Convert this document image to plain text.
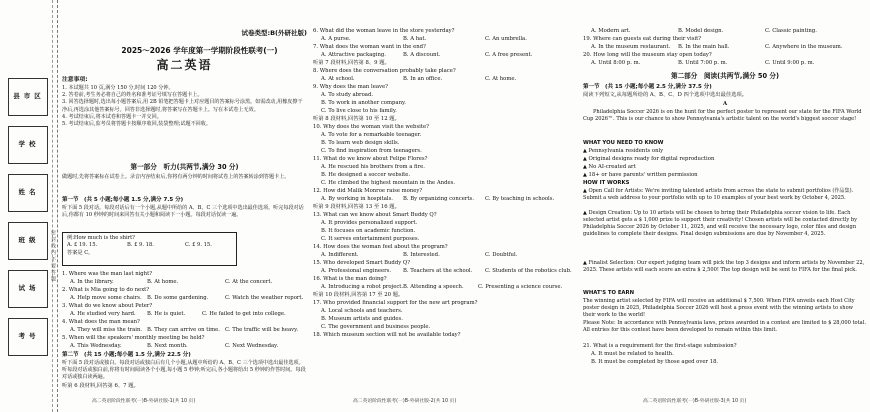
县市区
学校
姓名
班级
试场
考号
密 封 线 内 不 要 答 题
试卷类型:B(外研社版)
2025～2026 学年度第一学期阶段性联考(一)
高二英语
注意事项:
1. 本试题共 10 页,满分 150 分,时间 120 分钟。
2. 答卷前,考生务必将自己的姓名和准考证号填写在答题卡上。
3. 回答选择题时,选出每小题答案后,用 2B 铅笔把答题卡上对应题目的答案标号涂黑。如需改动,用橡皮擦干净后,再选涂其他答案标号。回答非选择题时,将答案写在答题卡上。写在本试卷上无效。
4. 考试结束后,将本试卷和答题卡一并交回。
5. 考试结束后,监考员将答题卡按顺序收回,装袋整理;试题不回收。
第一部分　听力(共两节,满分 30 分)
做题时,先将答案标在试卷上。录音内容结束后,你将有两分钟的时间将试卷上的答案转涂到答题卡上。
第一节　(共 5 小题;每小题 1.5 分,满分 7.5 分)
听下面 5 段对话。每段对话后有一个小题,从题中所给的 A、B、C 三个选项中选出最佳选项。听完每段对话后,你都有 10 秒钟的时间来回答有关小题和阅读下一小题。每段对话仅读一遍。
例:How much is the shirt?
A. £ 19. 15.	B. £ 9. 18.	C. £ 9. 15.
答案是 C。
1. Where was the man last night?
A. In the library.	B. At home.	C. At the concert.
2. What is Mia going to do next?
A. Help move some chairs. B. Do some gardening.	C. Watch the weather report.
3. What do we know about Peter?
A. He studied very hard. B. He is quiet.	C. He failed to get into college.
4. What does the man mean?
A. They will miss the train. B. They can arrive on time. C. The traffic will be heavy.
5. When will the speakers' monthly meeting be held?
A. This Wednesday.	B. Next month.	C. Next Wednesday.
第二节　(共 15 小题;每小题 1.5 分,满分 22.5 分)
听下面 5 段对话或独白。每段对话或独白后有几个小题,从题中所给的 A、B、C 三个选项中选出最佳选项。听每段对话或独白前,你将有时间阅读各个小题,每小题 5 秒钟;听完后,各小题将给出 5 秒钟的作答时间。每段对话或独白读两遍。
听第 6 段材料,回答第 6、7 题。
高二英语阶段性联考(一)B-外研社版-1(共 10 页)
6. What did the woman leave in the store yesterday?
A. A purse.	B. A hat.	C. An umbrella.
7. What does the woman want in the end?
A. Attractive packaging.	B. A discount.	C. A free present.
听第 7 段材料,回答第 8、9 题。
8. Where does the conversation probably take place?
A. At school.	B. In an office.	C. At home.
9. Why does the man leave?
A. To study abroad.
B. To work in another company.
C. To live close to his family.
听第 8 段材料,回答第 10 至 12 题。
10. Why does the woman visit the website?
A. To vote for a remarkable teenager.
B. To learn web design skills.
C. To find inspiration from teenagers.
11. What do we know about Felipe Flores?
A. He rescued his brothers from a fire.
B. He designed a soccer website.
C. He climbed the highest mountain in the Andes.
12. How did Malik Monroe raise money?
A. By working in hospitals. B. By organizing concerts. C. By teaching in schools.
听第 9 段材料,回答第 13 至 16 题。
13. What can we know about Smart Buddy Q?
A. It provides personalized support.
B. It focuses on academic function.
C. It serves entertainment purposes.
14. How does the woman feel about the program?
A. Indifferent.	B. Interested.	C. Doubtful.
15. Who developed Smart Buddy Q?
A. Professional engineers. B. Teachers at the school. C. Students of the robotics club.
16. What is the man doing?
A. Introducing a robot project. B. Attending a speech.	C. Presenting a science course.
听第 10 段材料,回答第 17 至 20 题。
17. Who provided financial support for the new art program?
A. Local schools and teachers.
B. Museum artists and guides.
C. The government and business people.
18. Which museum section will not be available today?
高二英语阶段性联考(一)B-外研社版-2(共 10 页)
A. Modern art.	B. Model design.	C. Classic painting.
19. Where can guests eat during their visit?
A. In the museum restaurant. B. In the main hall.	C. Anywhere in the museum.
20. How long will the museum stay open today?
A. Until 8:00 p. m.	B. Until 7:00 p. m.	C. Until 9:00 p. m.
第二部分　阅读(共两节,满分 50 分)
第一节　(共 15 小题;每小题 2.5 分,满分 37.5 分)
阅读下列短文,从每题所给的 A、B、C、D 四个选项中选出最佳选项。
A
Philadelphia Soccer 2026 is on the hunt for the perfect poster to represent our state for the FIFA World Cup 2026™. This is our chance to show Pennsylvania's artistic talent on the world's biggest soccer stage!
WHAT YOU NEED TO KNOW
▲ Pennsylvania residents only
▲ Original designs ready for digital reproduction
▲ No AI-created art
▲ 18+ or have parents' written permission
HOW IT WORKS
▲ Open Call for Artists: We're inviting talented artists from across the state to submit portfolios (作品集). Submit a web address to your portfolio with up to 10 examples of your best work by October 4, 2025.
▲ Design Creation: Up to 10 artists will be chosen to bring their Philadelphia soccer vision to life. Each selected artist gets a $ 1,000 prize to support their creativity! Chosen artists will be contacted directly by Philadelphia Soccer 2026 by October 11, 2025, and will receive the necessary logo, color files and design guidelines to complete their designs. Final design submissions are due by November 4, 2025.
▲ Finalist Selection: Our expert judging team will pick the top 3 designs and inform artists by November 22, 2025. These artists will each score an extra $ 2,500! The top design will be sent to FIFA for the final pick.
WHAT'S TO EARN
The winning artist selected by FIFA will receive an additional $ 7,500. When FIFA unveils each Host City poster design in 2025, Philadelphia Soccer 2026 will host a press event with the winning artists to show their work to the world!
Please Note: In accordance with Pennsylvania laws, prizes awarded in a contest are limited to $ 28,000 total. All entries for this contest have been developed to remain within this limit.
21. What is a requirement for the first-stage submission?
A. It must be related to health.
B. It must be completed by those aged over 18.
高二英语阶段性联考(一)B-外研社版-3(共 10 页)
